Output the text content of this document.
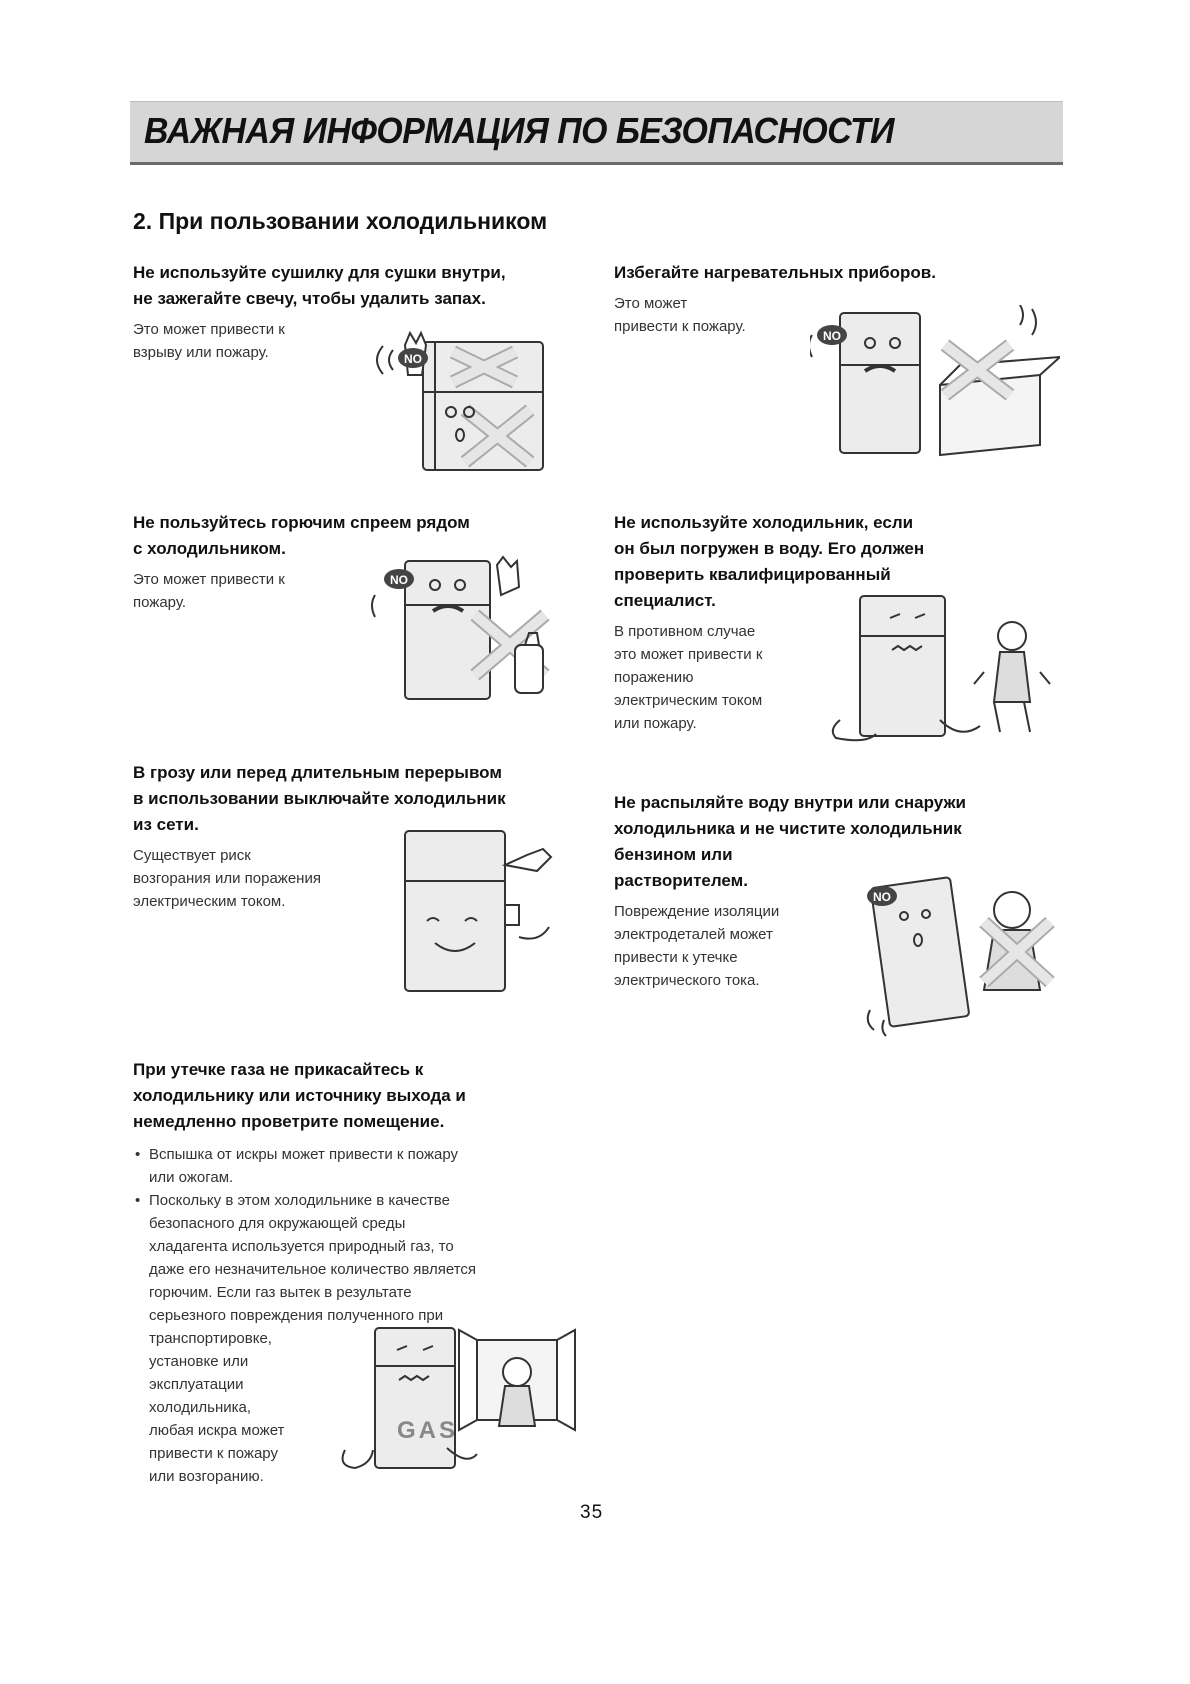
ВАЖНАЯ ИНФОРМАЦИЯ ПО БЕЗОПАСНОСТИ
2. При пользовании холодильником

Не используйте сушилку для сушки внутри,
не зажегайте свечу, чтобы удалить запах.

Это может привести к
взрыву или пожару.	NO

Избегайте нагревательных приборов.

Это может
привести к пожару.

NO

Не пользуйтесь горючим спреем рядом
с холодильником.

Это может привести к
пожару.

NO

Не используйте холодильник, если
он был погружен в воду. Его должен
проверить квалифицированный
специалист.

В противном случае
это может привести к
поражению
электрическим током
или пожару.

В грозу или перед длительным перерывом
в использовании выключайте холодильник
из сети.

Существует риск
возгорания или поражения
электрическим током.

Не распыляйте воду внутри или снаружи
холодильника и не чистите холодильник
бензином или
растворителем.

Повреждение изоляции
электродеталей может
привести к утечке
электрического тока.

NO

При утечке газа не прикасайтесь к
холодильнику или источнику выхода и
немедленно проветрите помещение.

• Вспышка от искры может привести к пожару
или ожогам.
• Поскольку в этом холодильнике в качестве
безопасного для окружающей среды
хладагента используется природный газ, то
даже его незначительное количество является
горючим. Если газ вытек в результате
серьезного повреждения полученного при
транспортировке,
установке или
эксплуатации
холодильника,
любая искра может
привести к пожару
или возгоранию.
GAS
35
